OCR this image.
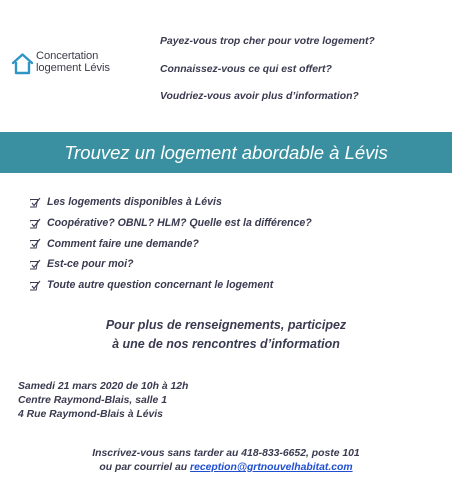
Concertation
logement Lévis
Payez-vous trop cher pour votre logement?
Connaissez-vous ce qui est offert?
Voudriez-vous avoir plus d’information?
Trouvez un logement abordable à Lévis
Les logements disponibles à Lévis
Coopérative? OBNL? HLM? Quelle est la différence?
Comment faire une demande?
Est-ce pour moi?
Toute autre question concernant le logement
Pour plus de renseignements, participez
à une de nos rencontres d’information
Samedi 21 mars 2020 de 10h à 12h
Centre Raymond-Blais, salle 1
4 Rue Raymond-Blais à Lévis
Inscrivez-vous sans tarder au 418-833-6652, poste 101
ou par courriel au reception@grtnouvelhabitat.com
